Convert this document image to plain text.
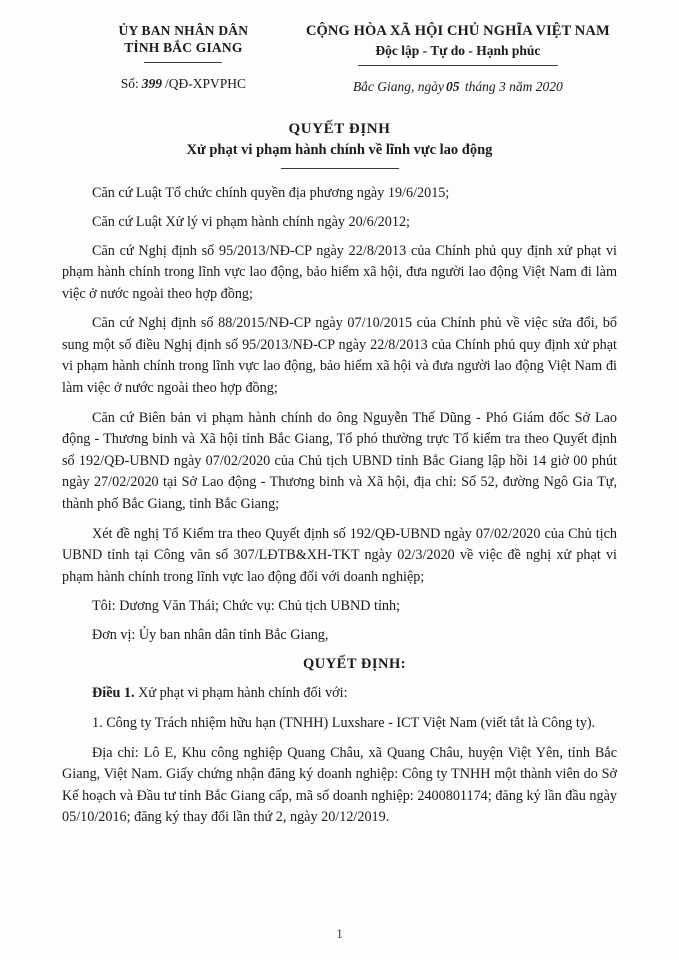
ỦY BAN NHÂN DÂN
TỈNH BẮC GIANG
Số: 399 /QĐ-XPVPHC
CỘNG HÒA XÃ HỘI CHỦ NGHĨA VIỆT NAM
Độc lập - Tự do - Hạnh phúc
Bắc Giang, ngày 05 tháng 3 năm 2020
QUYẾT ĐỊNH
Xử phạt vi phạm hành chính về lĩnh vực lao động

Căn cứ Luật Tổ chức chính quyền địa phương ngày 19/6/2015;

Căn cứ Luật Xử lý vi phạm hành chính ngày 20/6/2012;

Căn cứ Nghị định số 95/2013/NĐ-CP ngày 22/8/2013 của Chính phủ quy định xử phạt vi phạm hành chính trong lĩnh vực lao động, bảo hiểm xã hội, đưa người lao động Việt Nam đi làm việc ở nước ngoài theo hợp đồng;

Căn cứ Nghị định số 88/2015/NĐ-CP ngày 07/10/2015 của Chính phủ về việc sửa đổi, bổ sung một số điều Nghị định số 95/2013/NĐ-CP ngày 22/8/2013 của Chính phủ quy định xử phạt vi phạm hành chính trong lĩnh vực lao động, bảo hiểm xã hội và đưa người lao động Việt Nam đi làm việc ở nước ngoài theo hợp đồng;

Căn cứ Biên bản vi phạm hành chính do ông Nguyễn Thế Dũng - Phó Giám đốc Sở Lao động - Thương binh và Xã hội tỉnh Bắc Giang, Tổ phó thường trực Tổ kiểm tra theo Quyết định số 192/QĐ-UBND ngày 07/02/2020 của Chủ tịch UBND tỉnh Bắc Giang lập hồi 14 giờ 00 phút ngày 27/02/2020 tại Sở Lao động - Thương binh và Xã hội, địa chỉ: Số 52, đường Ngô Gia Tự, thành phố Bắc Giang, tỉnh Bắc Giang;

Xét đề nghị Tổ Kiểm tra theo Quyết định số 192/QĐ-UBND ngày 07/02/2020 của Chủ tịch UBND tỉnh tại Công văn số 307/LĐTB&XH-TKT ngày 02/3/2020 về việc đề nghị xử phạt vi phạm hành chính trong lĩnh vực lao động đối với doanh nghiệp;

Tôi: Dương Văn Thái; Chức vụ: Chủ tịch UBND tỉnh;

Đơn vị: Ủy ban nhân dân tỉnh Bắc Giang,

QUYẾT ĐỊNH:

Điều 1. Xử phạt vi phạm hành chính đối với:

1. Công ty Trách nhiệm hữu hạn (TNHH) Luxshare - ICT Việt Nam (viết tắt là Công ty).

Địa chỉ: Lô E, Khu công nghiệp Quang Châu, xã Quang Châu, huyện Việt Yên, tỉnh Bắc Giang, Việt Nam. Giấy chứng nhận đăng ký doanh nghiệp: Công ty TNHH một thành viên do Sở Kế hoạch và Đầu tư tỉnh Bắc Giang cấp, mã số doanh nghiệp: 2400801174; đăng ký lần đầu ngày 05/10/2016; đăng ký thay đổi lần thứ 2, ngày 20/12/2019.

1
